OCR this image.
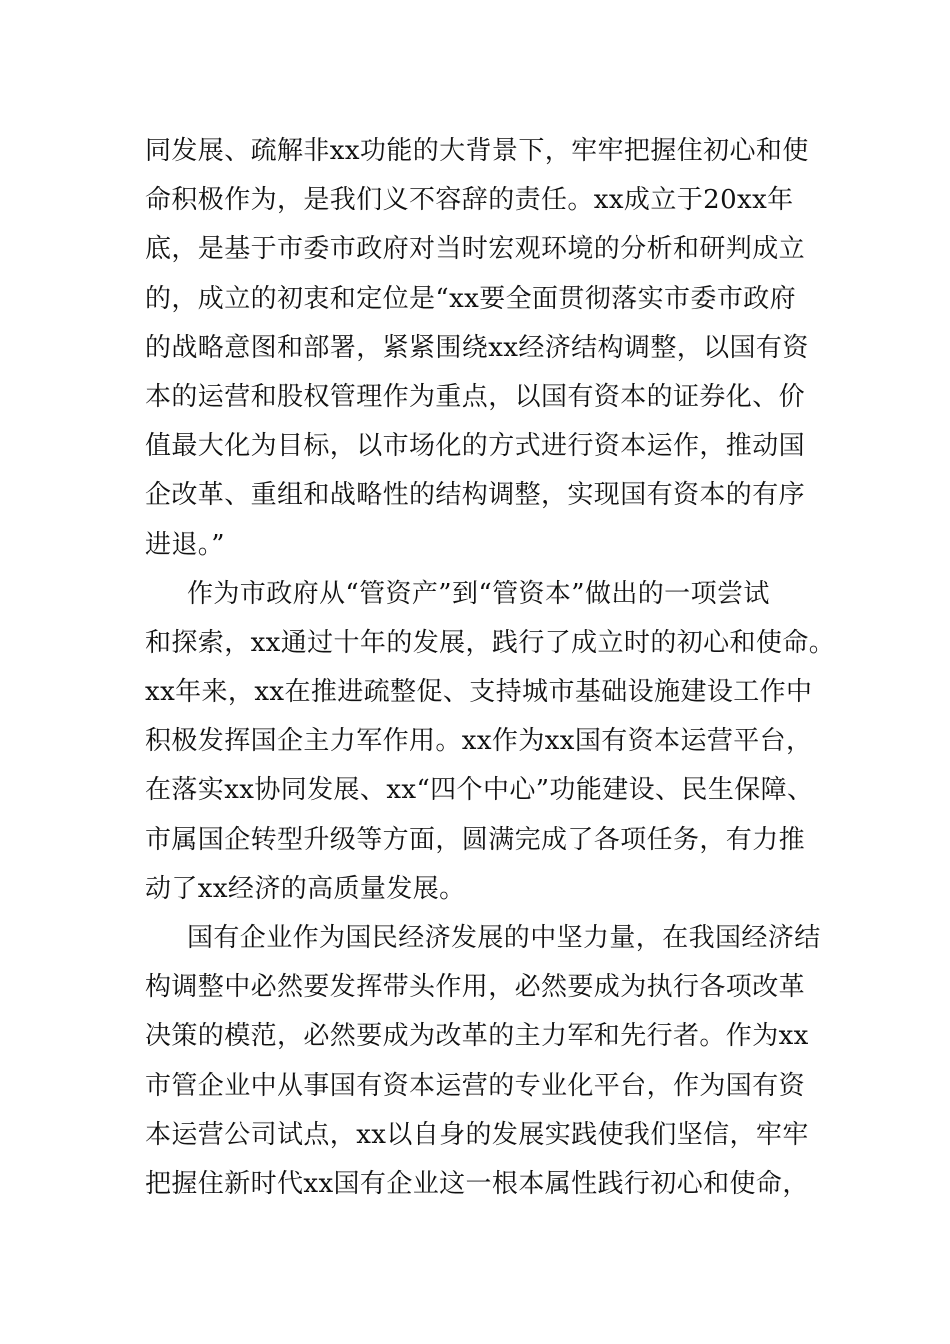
同发展、疏解非xx功能的大背景下，牢牢把握住初心和使
命积极作为，是我们义不容辞的责任。xx成立于20xx年
底，是基于市委市政府对当时宏观环境的分析和研判成立
的，成立的初衷和定位是“xx要全面贯彻落实市委市政府
的战略意图和部署，紧紧围绕xx经济结构调整，以国有资
本的运营和股权管理作为重点，以国有资本的证券化、价
值最大化为目标，以市场化的方式进行资本运作，推动国
企改革、重组和战略性的结构调整，实现国有资本的有序
进退。”
作为市政府从“管资产”到“管资本”做出的一项尝试
和探索，xx通过十年的发展，践行了成立时的初心和使命。
xx年来，xx在推进疏整促、支持城市基础设施建设工作中
积极发挥国企主力军作用。xx作为xx国有资本运营平台，
在落实xx协同发展、xx“四个中心”功能建设、民生保障、
市属国企转型升级等方面，圆满完成了各项任务，有力推
动了xx经济的高质量发展。
国有企业作为国民经济发展的中坚力量，在我国经济结
构调整中必然要发挥带头作用，必然要成为执行各项改革
决策的模范，必然要成为改革的主力军和先行者。作为xx
市管企业中从事国有资本运营的专业化平台，作为国有资
本运营公司试点，xx以自身的发展实践使我们坚信，牢牢
把握住新时代xx国有企业这一根本属性践行初心和使命，
